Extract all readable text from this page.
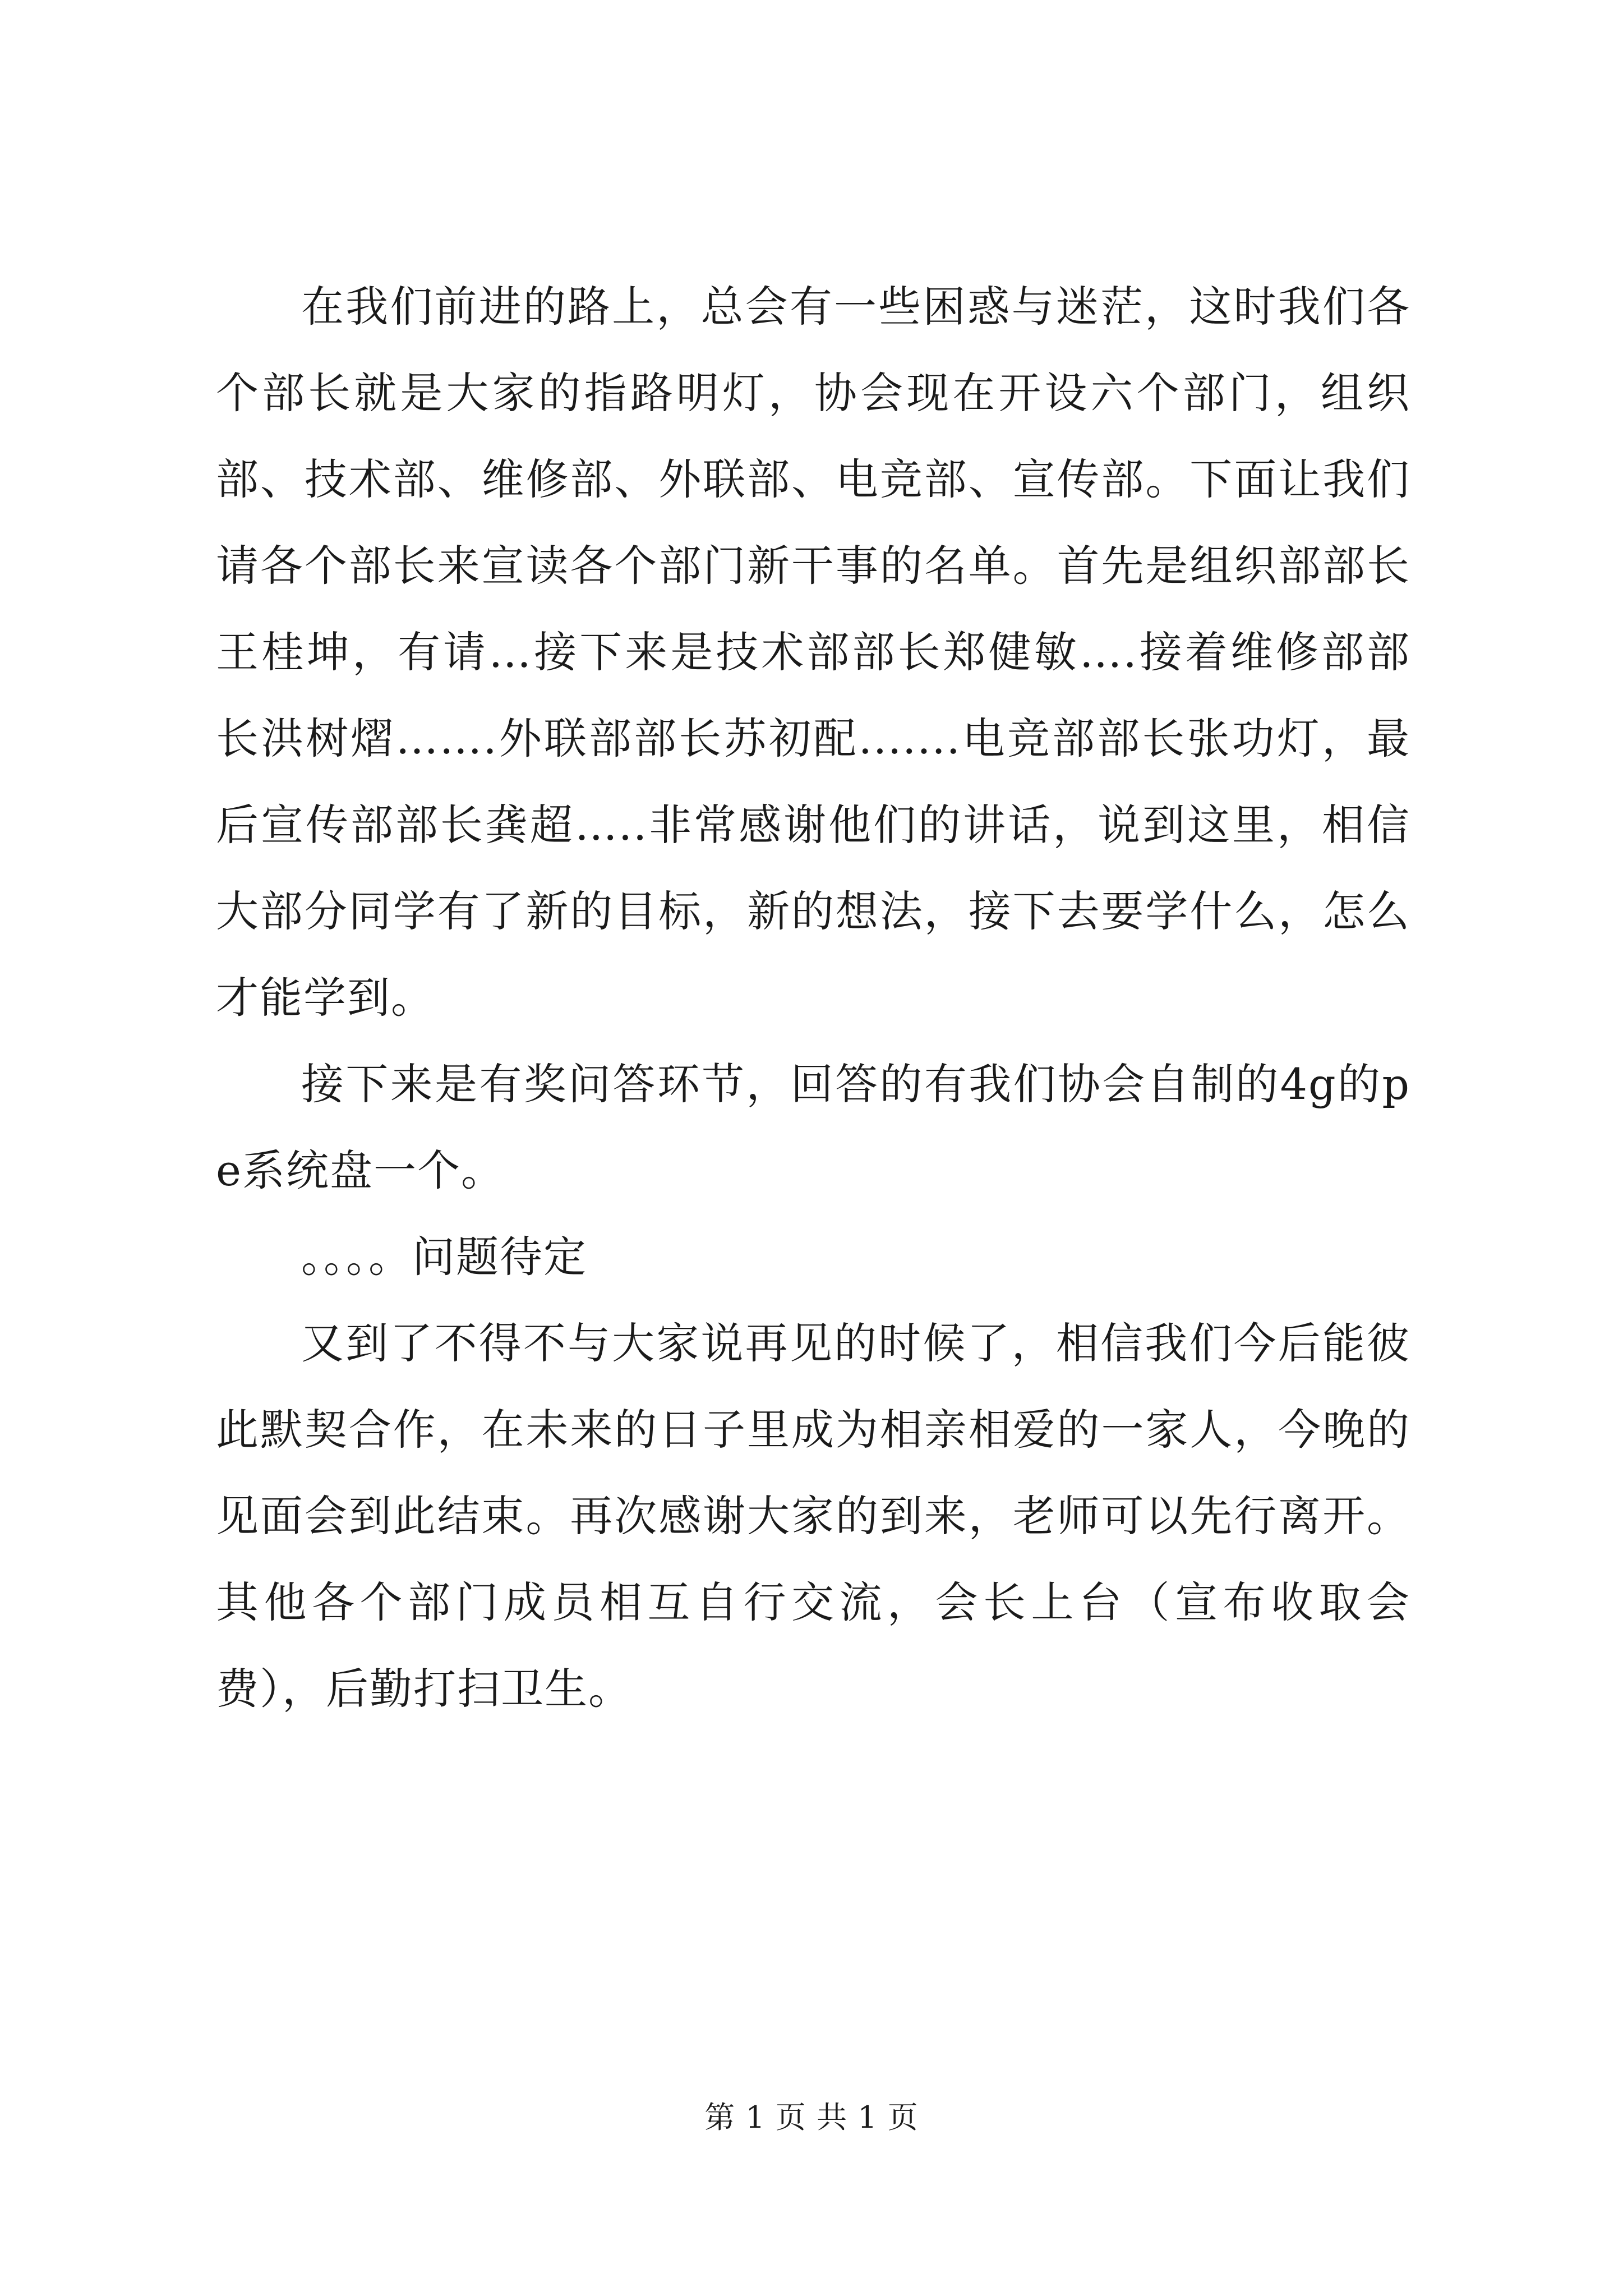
在我们前进的路上，总会有一些困惑与迷茫，这时我们各个部长就是大家的指路明灯，协会现在开设六个部门，组织部、技术部、维修部、外联部、电竞部、宣传部。下面让我们请各个部长来宣读各个部门新干事的名单。首先是组织部部长王桂坤，有请…接下来是技术部部长郑健敏….接着维修部部长洪树熠…….外联部部长苏初配.......电竞部部长张功灯，最后宣传部部长龚超…..非常感谢他们的讲话，说到这里，相信大部分同学有了新的目标，新的想法，接下去要学什么，怎么才能学到。

接下来是有奖问答环节，回答的有我们协会自制的4g的pe系统盘一个。

。。。。问题待定

又到了不得不与大家说再见的时候了，相信我们今后能彼此默契合作，在未来的日子里成为相亲相爱的一家人，今晚的见面会到此结束。再次感谢大家的到来，老师可以先行离开。其他各个部门成员相互自行交流，会长上台（宣布收取会费），后勤打扫卫生。

第 1 页 共 1 页
